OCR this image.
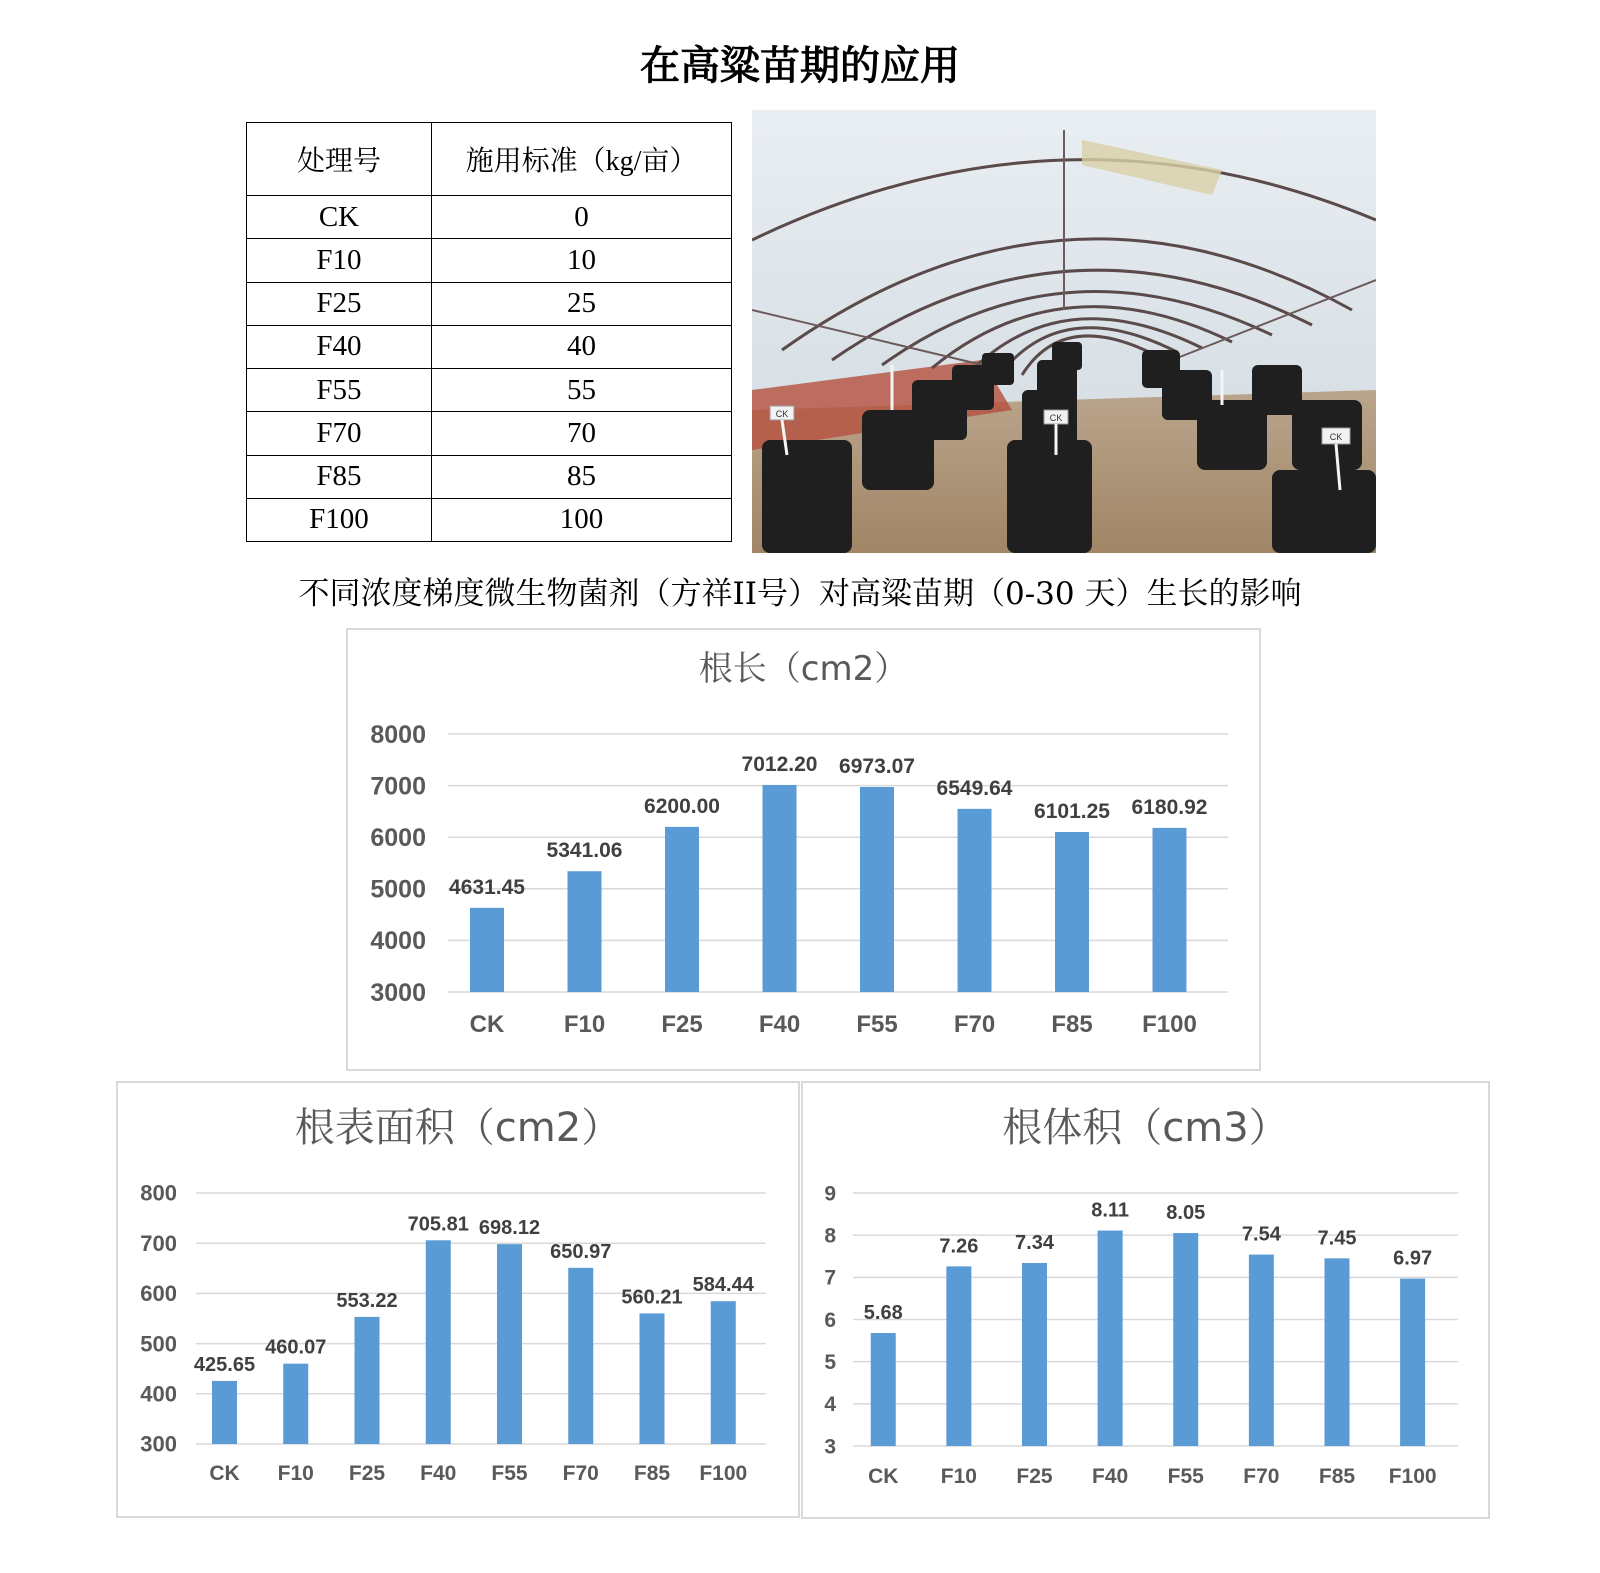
在高粱苗期的应用
处理号	施用标准（kg/亩）
CK	0
F10	10
F25	25
F40	40
F55	55
F70	70
F85	85
F100	100
CK	CK
CK
不同浓度梯度微生物菌剂（方祥II号）对高粱苗期（0-30 天）生长的影响
根长（cm2）
3000
4000
5000
6000
7000
8000
4631.45
CK
5341.06
F10
6200.00
F25
7012.20
F40
6973.07
F55
6549.64
F70
6101.25
F85
6180.92
F100
根表面积（cm2）
300
400
500
600
700
800
425.65
CK
460.07
F10
553.22
F25
705.81
F40
698.12
F55
650.97
F70
560.21
F85
584.44
F100
根体积（cm3）
3
4
5
6
7
8
9
5.68
CK
7.26
F10
7.34
F25
8.11
F40
8.05
F55
7.54
F70
7.45
F85
6.97
F100
